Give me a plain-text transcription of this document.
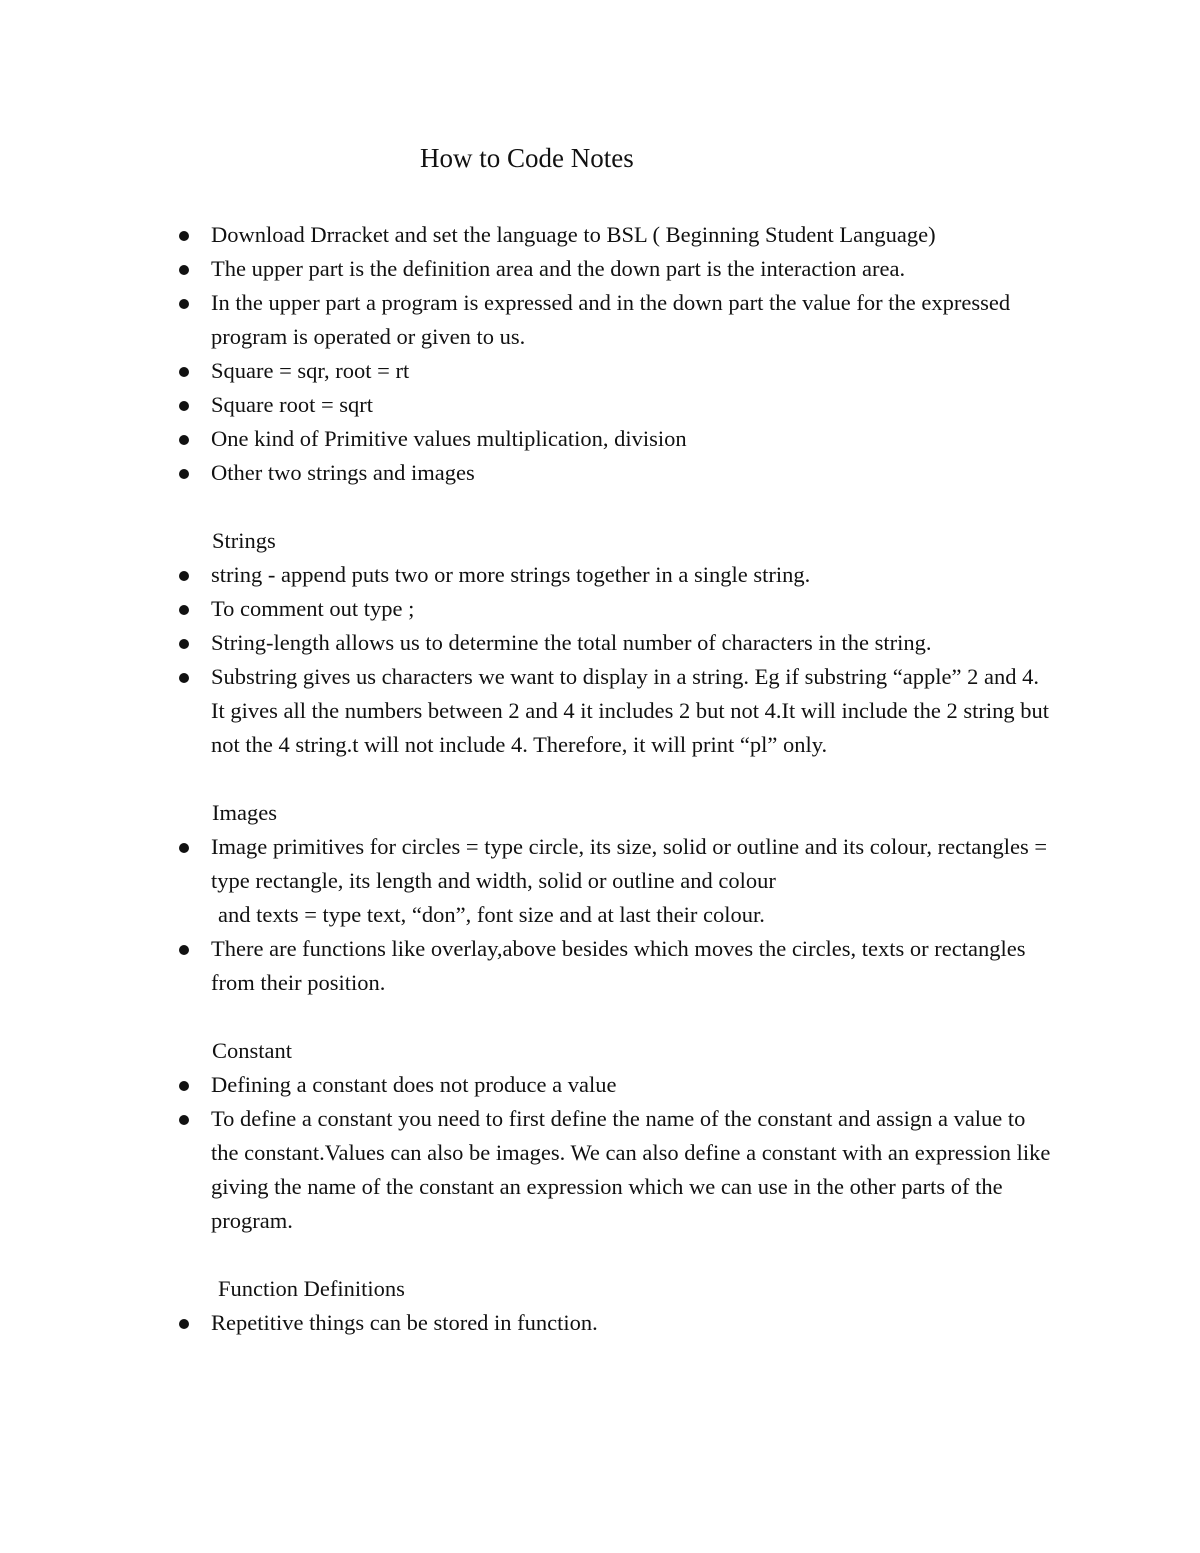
How to Code Notes
Download Drracket and set the language to BSL ( Beginning Student Language)
The upper part is the definition area and the down part is the interaction area.
In the upper part a program is expressed and in the down part the value for the expressed program is operated or given to us.
Square = sqr, root = rt
Square root = sqrt
One kind of Primitive values multiplication, division
Other two strings and images
Strings
string - append puts two or more strings together in a single string.
To comment out type ;
String-length allows us to determine the total number of characters in the string.
Substring gives us characters we want to display in a string. Eg if substring “apple” 2 and 4. It gives all the numbers between 2 and 4 it includes 2 but not 4.It will include the 2 string but not the 4 string.t will not include 4. Therefore, it will print “pl” only.
Images
Image primitives for circles = type circle, its size, solid or outline and its colour, rectangles = type rectangle, its length and width, solid or outline and colour
and texts = type text, “don”, font size and at last their colour.
There are functions like overlay,above besides which moves the circles, texts or rectangles from their position.
Constant
Defining a constant does not produce a value
To define a constant you need to first define the name of the constant and assign a value to the constant.Values can also be images. We can also define a constant with an expression like giving the name of the constant an expression which we can use in the other parts of the program.
Function Definitions
Repetitive things can be stored in function.
